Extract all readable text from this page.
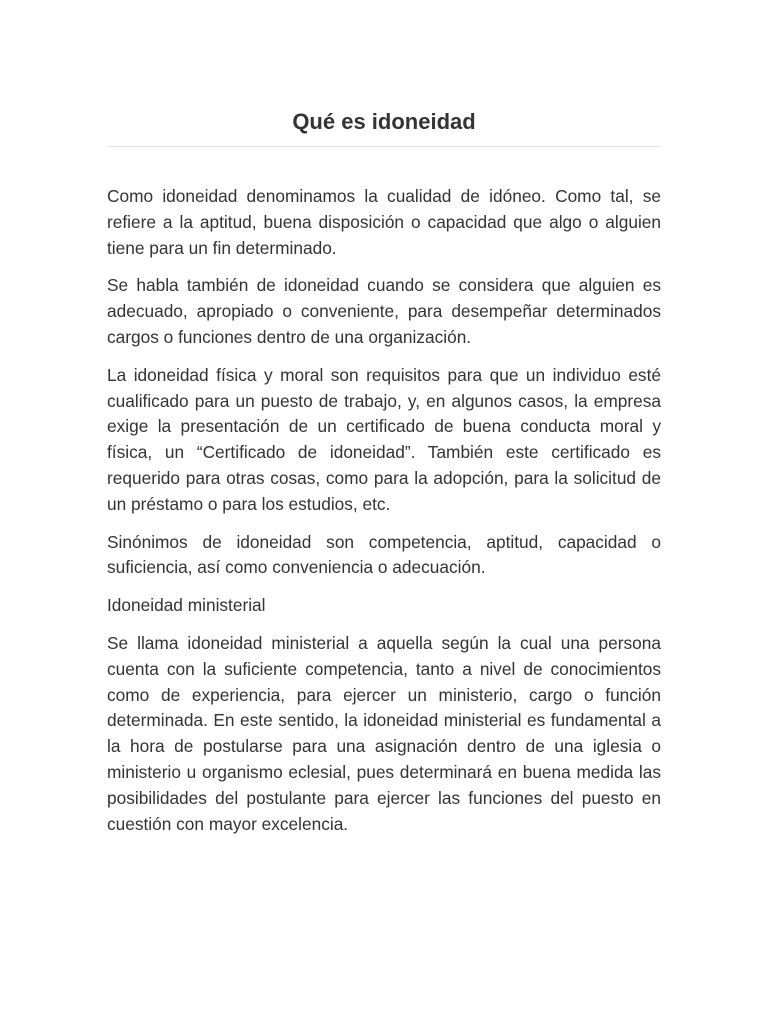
Qué es idoneidad

Como idoneidad denominamos la cualidad de idóneo. Como tal, se refiere a la aptitud, buena disposición o capacidad que algo o alguien tiene para un fin determinado.

Se habla también de idoneidad cuando se considera que alguien es adecuado, apropiado o conveniente, para desempeñar determinados cargos o funciones dentro de una organización.

La idoneidad física y moral son requisitos para que un individuo esté cualificado para un puesto de trabajo, y, en algunos casos, la empresa exige la presentación de un certificado de buena conducta moral y física, un “Certificado de idoneidad”. También este certificado es requerido para otras cosas, como para la adopción, para la solicitud de un préstamo o para los estudios, etc.

Sinónimos de idoneidad son competencia, aptitud, capacidad o suficiencia, así como conveniencia o adecuación.

Idoneidad ministerial

Se llama idoneidad ministerial a aquella según la cual una persona cuenta con la suficiente competencia, tanto a nivel de conocimientos como de experiencia, para ejercer un ministerio, cargo o función determinada. En este sentido, la idoneidad ministerial es fundamental a la hora de postularse para una asignación dentro de una iglesia o ministerio u organismo eclesial, pues determinará en buena medida las posibilidades del postulante para ejercer las funciones del puesto en cuestión con mayor excelencia.
